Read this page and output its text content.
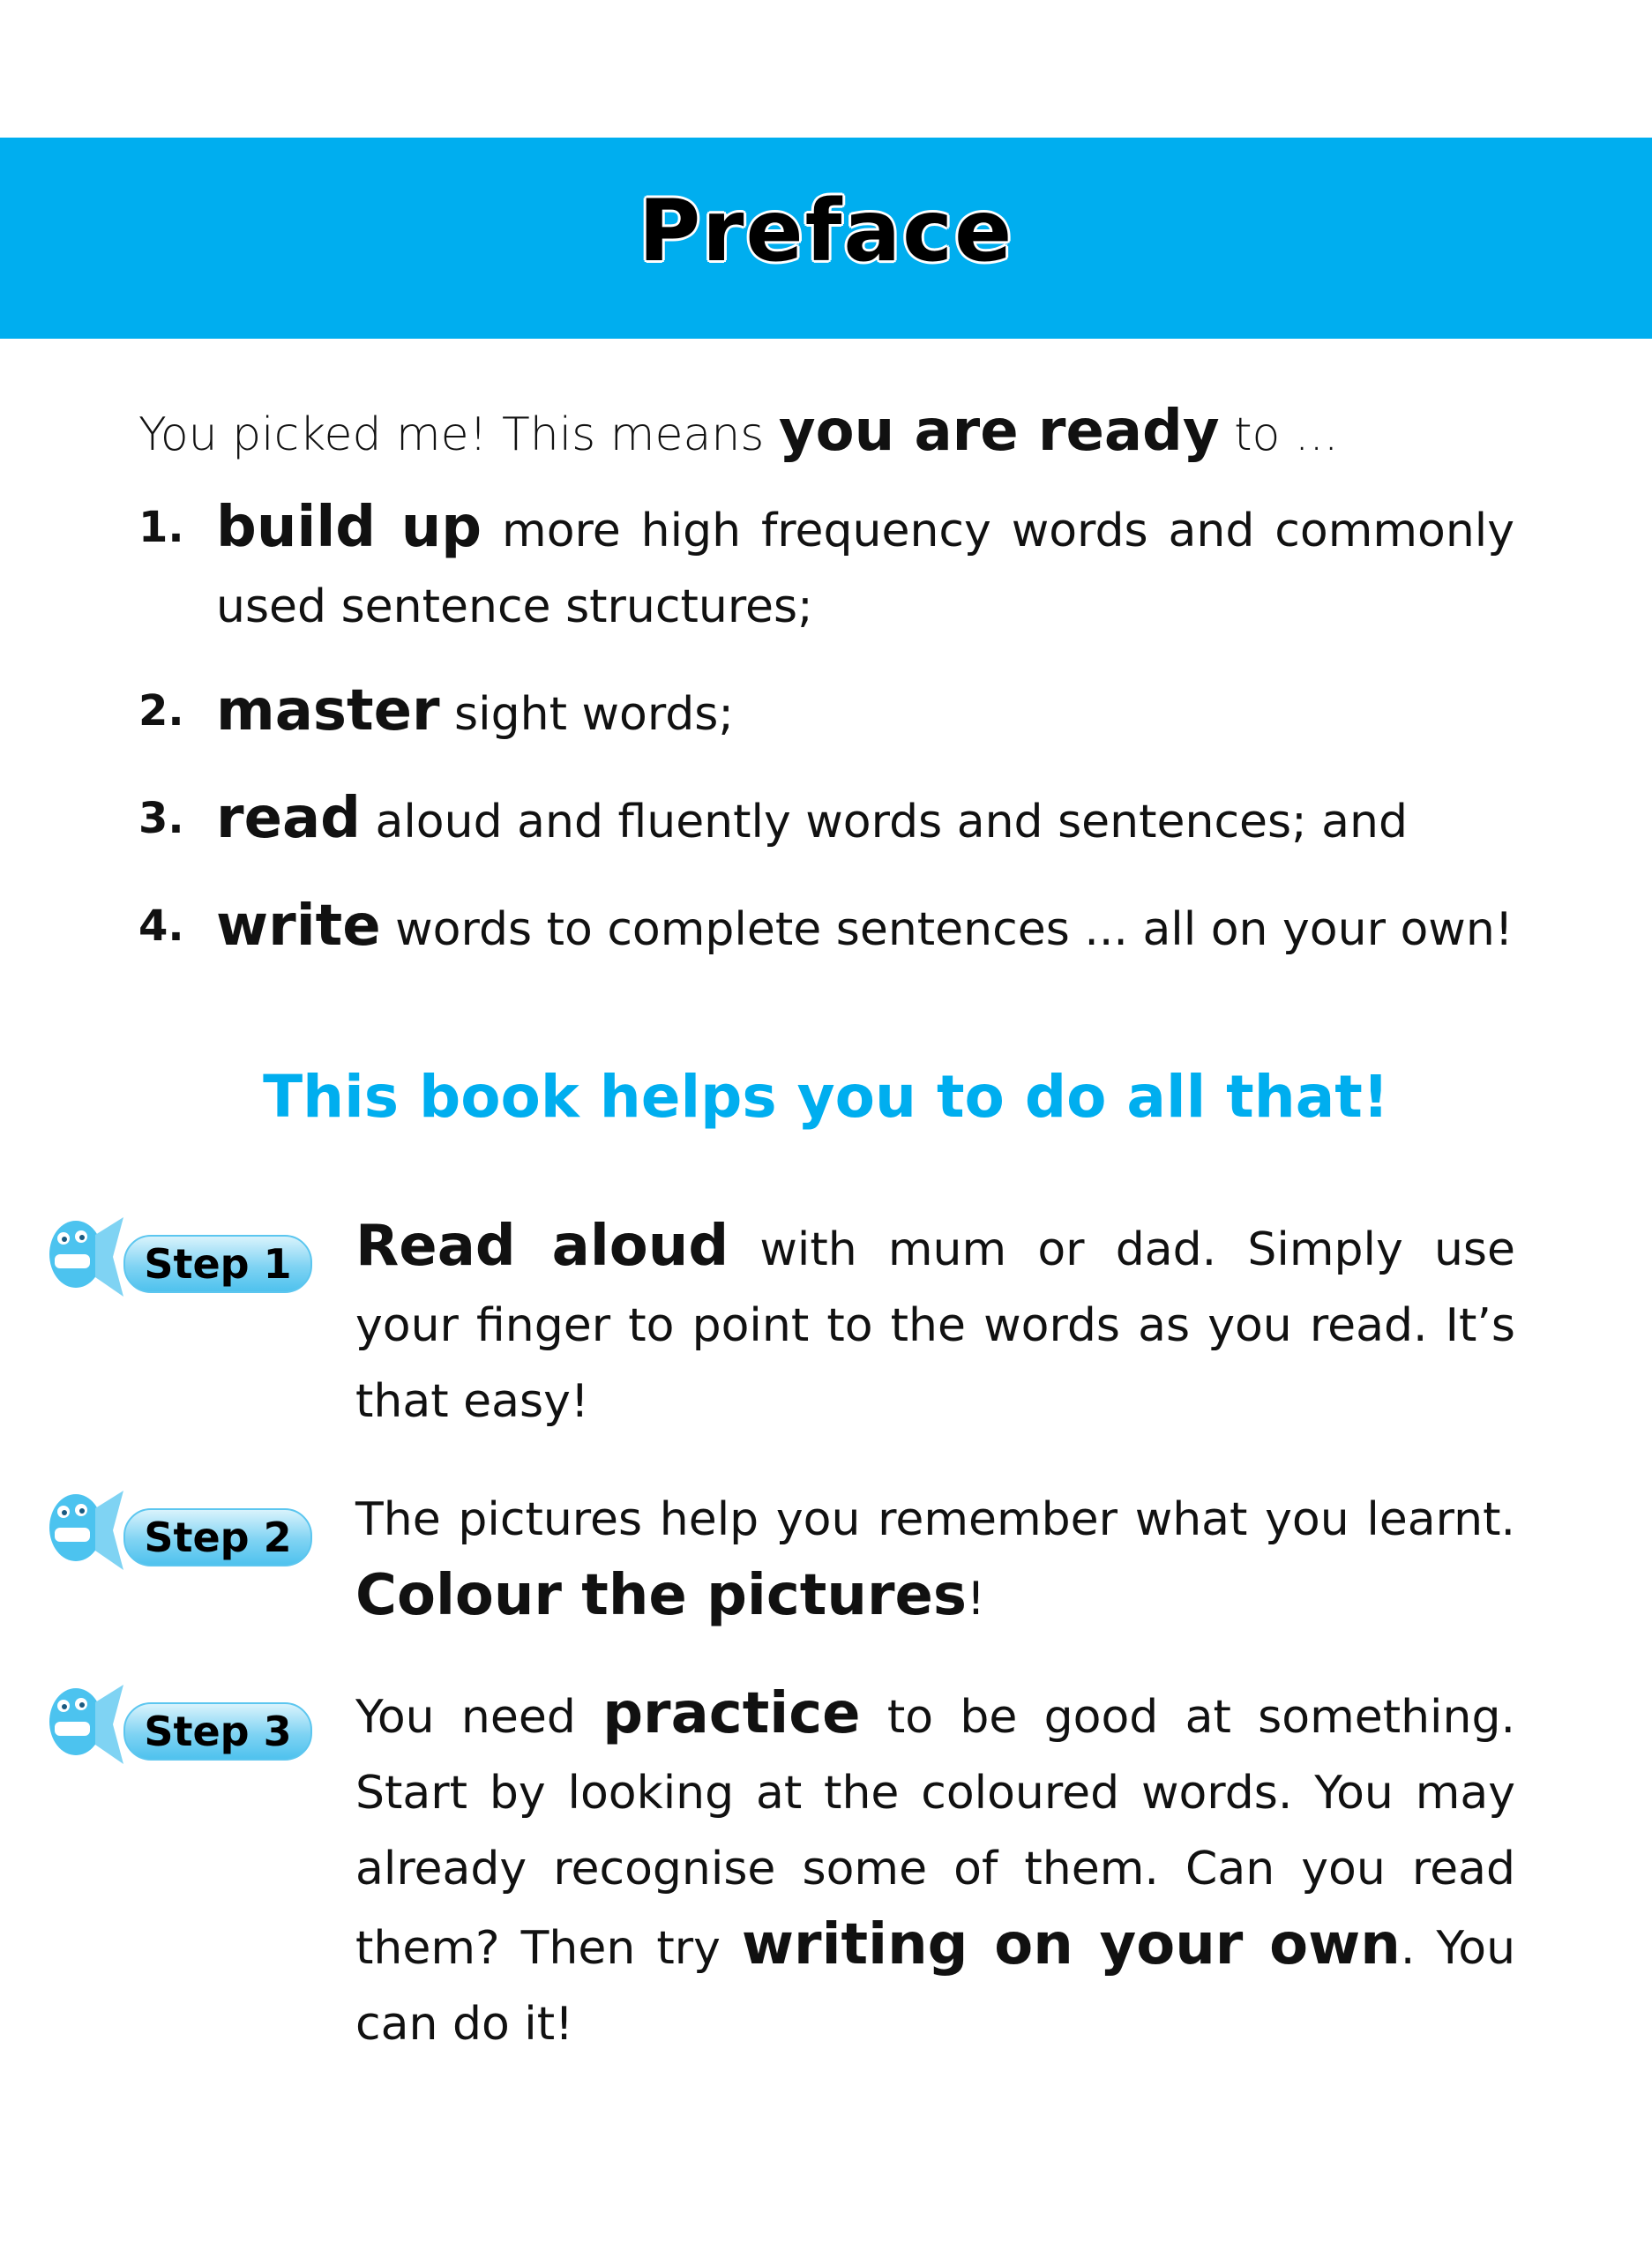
Preface
You picked me! This means you are ready to ...
1. build up more high frequency words and commonly used sentence structures;
2. master sight words;
3. read aloud and fluently words and sentences; and
4. write words to complete sentences ... all on your own!
This book helps you to do all that!
Step 1	Read aloud with mum or dad. Simply use your finger to point to the words as you read. It’s that easy!
Step 2	The pictures help you remember what you learnt. Colour the pictures!
Step 3	You need practice to be good at something. Start by looking at the coloured words. You may already recognise some of them. Can you read them? Then try writing on your own. You can do it!
